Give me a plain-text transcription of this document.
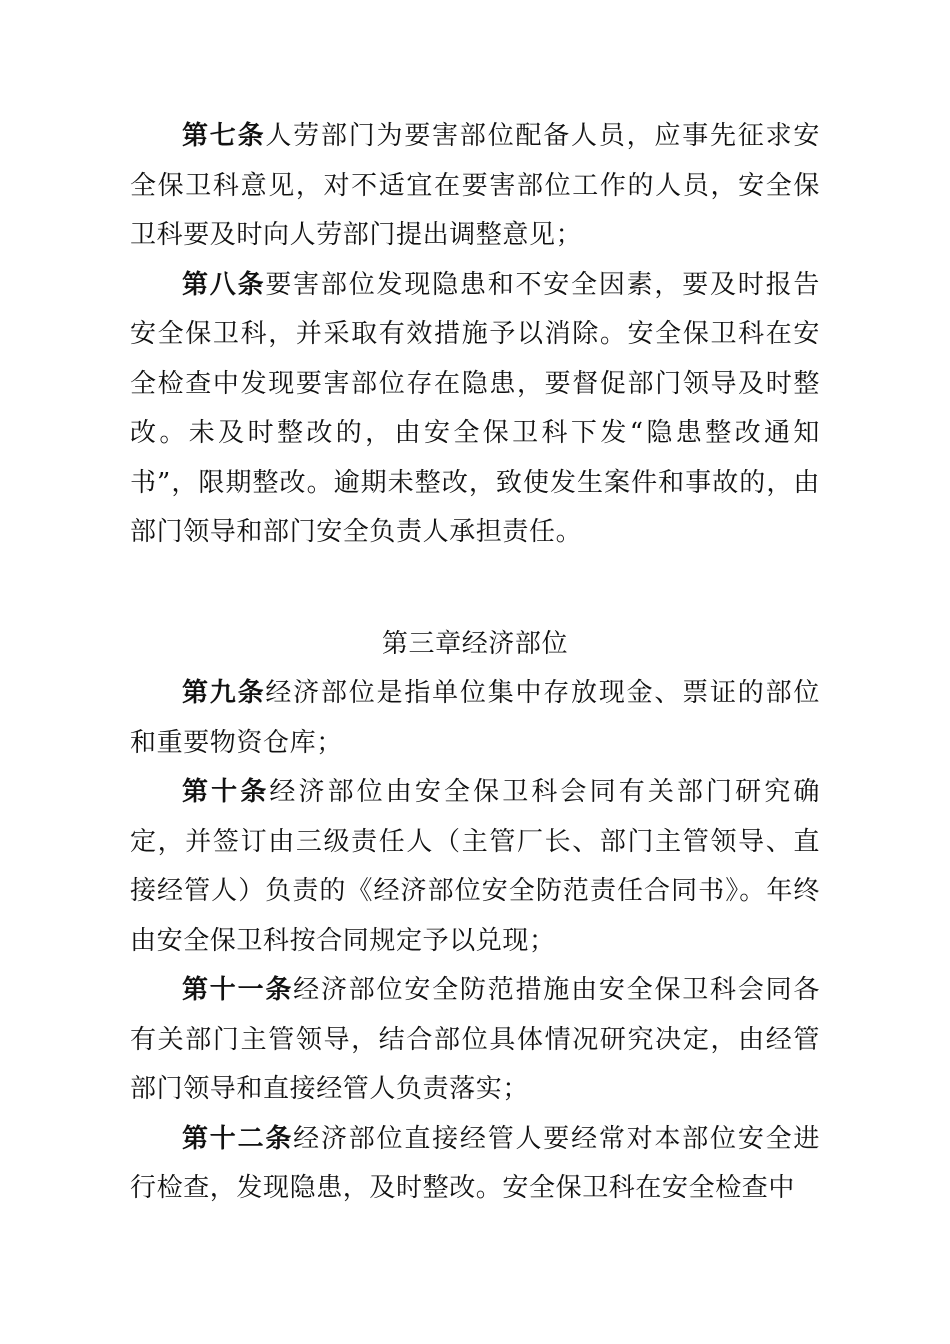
第七条人劳部门为要害部位配备人员，应事先征求安全保卫科意见，对不适宜在要害部位工作的人员，安全保卫科要及时向人劳部门提出调整意见；

第八条要害部位发现隐患和不安全因素，要及时报告安全保卫科，并采取有效措施予以消除。安全保卫科在安全检查中发现要害部位存在隐患，要督促部门领导及时整改。未及时整改的，由安全保卫科下发“隐患整改通知书”，限期整改。逾期未整改，致使发生案件和事故的，由部门领导和部门安全负责人承担责任。

第三章经济部位

第九条经济部位是指单位集中存放现金、票证的部位和重要物资仓库；

第十条经济部位由安全保卫科会同有关部门研究确定，并签订由三级责任人（主管厂长、部门主管领导、直接经管人）负责的《经济部位安全防范责任合同书》。年终由安全保卫科按合同规定予以兑现；

第十一条经济部位安全防范措施由安全保卫科会同各有关部门主管领导，结合部位具体情况研究决定，由经管部门领导和直接经管人负责落实；

第十二条经济部位直接经管人要经常对本部位安全进行检查，发现隐患，及时整改。安全保卫科在安全检查中
